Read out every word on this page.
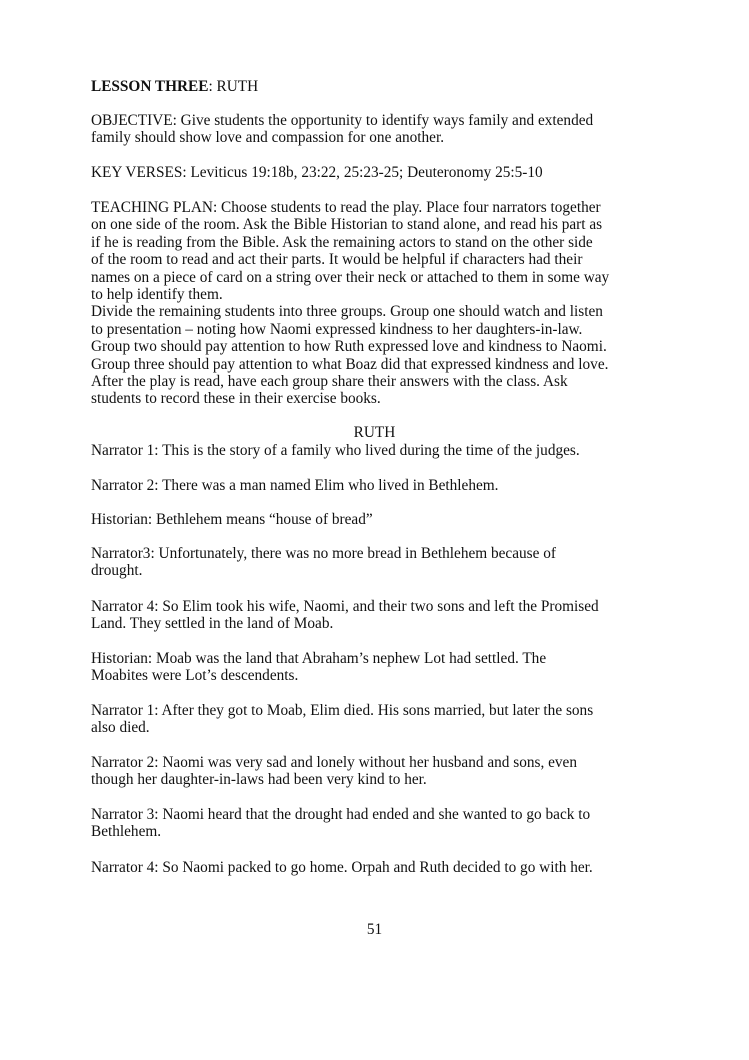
LESSON THREE: RUTH
OBJECTIVE: Give students the opportunity to identify ways family and extended
family should show love and compassion for one another.
KEY VERSES: Leviticus 19:18b, 23:22, 25:23-25; Deuteronomy 25:5-10
TEACHING PLAN: Choose students to read the play. Place four narrators together
on one side of the room. Ask the Bible Historian to stand alone, and read his part as
if he is reading from the Bible. Ask the remaining actors to stand on the other side
of the room to read and act their parts. It would be helpful if characters had their
names on a piece of card on a string over their neck or attached to them in some way
to help identify them.
Divide the remaining students into three groups. Group one should watch and listen
to presentation – noting how Naomi expressed kindness to her daughters-in-law.
Group two should pay attention to how Ruth expressed love and kindness to Naomi.
Group three should pay attention to what Boaz did that expressed kindness and love.
After the play is read, have each group share their answers with the class. Ask
students to record these in their exercise books.
RUTH
Narrator 1: This is the story of a family who lived during the time of the judges.
Narrator 2: There was a man named Elim who lived in Bethlehem.
Historian: Bethlehem means “house of bread”
Narrator3: Unfortunately, there was no more bread in Bethlehem because of
drought.
Narrator 4: So Elim took his wife, Naomi, and their two sons and left the Promised
Land. They settled in the land of Moab.
Historian: Moab was the land that Abraham’s nephew Lot had settled. The
Moabites were Lot’s descendents.
Narrator 1: After they got to Moab, Elim died. His sons married, but later the sons
also died.
Narrator 2: Naomi was very sad and lonely without her husband and sons, even
though her daughter-in-laws had been very kind to her.
Narrator 3: Naomi heard that the drought had ended and she wanted to go back to
Bethlehem.
Narrator 4: So Naomi packed to go home. Orpah and Ruth decided to go with her.
51
